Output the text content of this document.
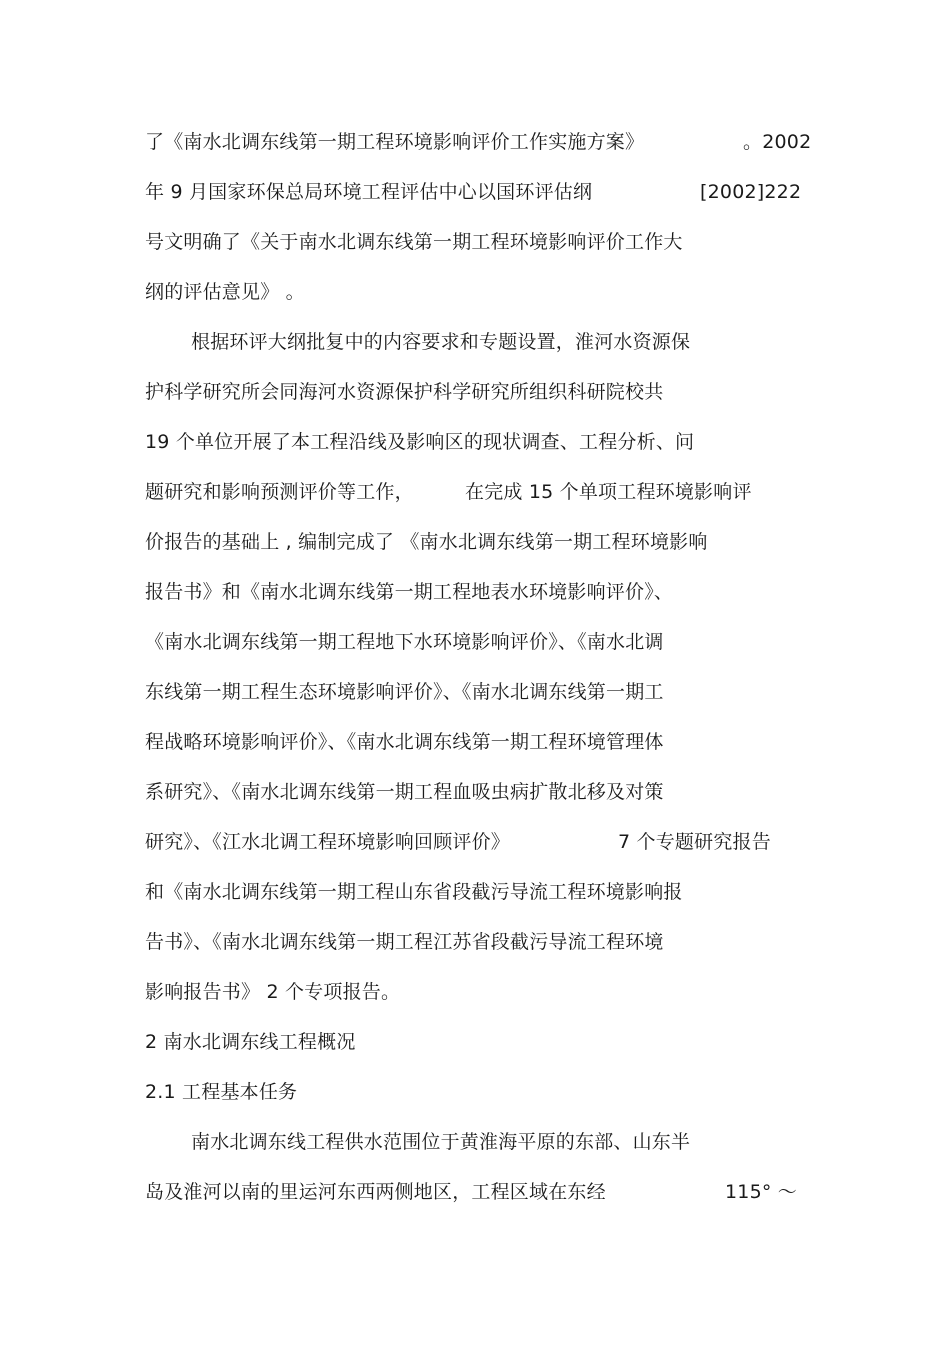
了《南水北调东线第一期工程环境影响评价工作实施方案》	。2002
年 9 月国家环保总局环境工程评估中心以国环评估纲	[2002]222
号文明确了《关于南水北调东线第一期工程环境影响评价工作大
纲的评估意见》 。
根据环评大纲批复中的内容要求和专题设置，淮河水资源保
护科学研究所会同海河水资源保护科学研究所组织科研院校共
19 个单位开展了本工程沿线及影响区的现状调查、工程分析、问
题研究和影响预测评价等工作，	在完成 15 个单项工程环境影响评
价报告的基础上 , 编制完成了 《南水北调东线第一期工程环境影响
报告书》和《南水北调东线第一期工程地表水环境影响评价》、
《南水北调东线第一期工程地下水环境影响评价》、《南水北调
东线第一期工程生态环境影响评价》、《南水北调东线第一期工
程战略环境影响评价》、《南水北调东线第一期工程环境管理体
系研究》、《南水北调东线第一期工程血吸虫病扩散北移及对策
研究》、《江水北调工程环境影响回顾评价》	7 个专题研究报告
和《南水北调东线第一期工程山东省段截污导流工程环境影响报
告书》、《南水北调东线第一期工程江苏省段截污导流工程环境
影响报告书》 2 个专项报告。
2 南水北调东线工程概况
2.1 工程基本任务
南水北调东线工程供水范围位于黄淮海平原的东部、山东半
岛及淮河以南的里运河东西两侧地区，工程区域在东经	115° ～
